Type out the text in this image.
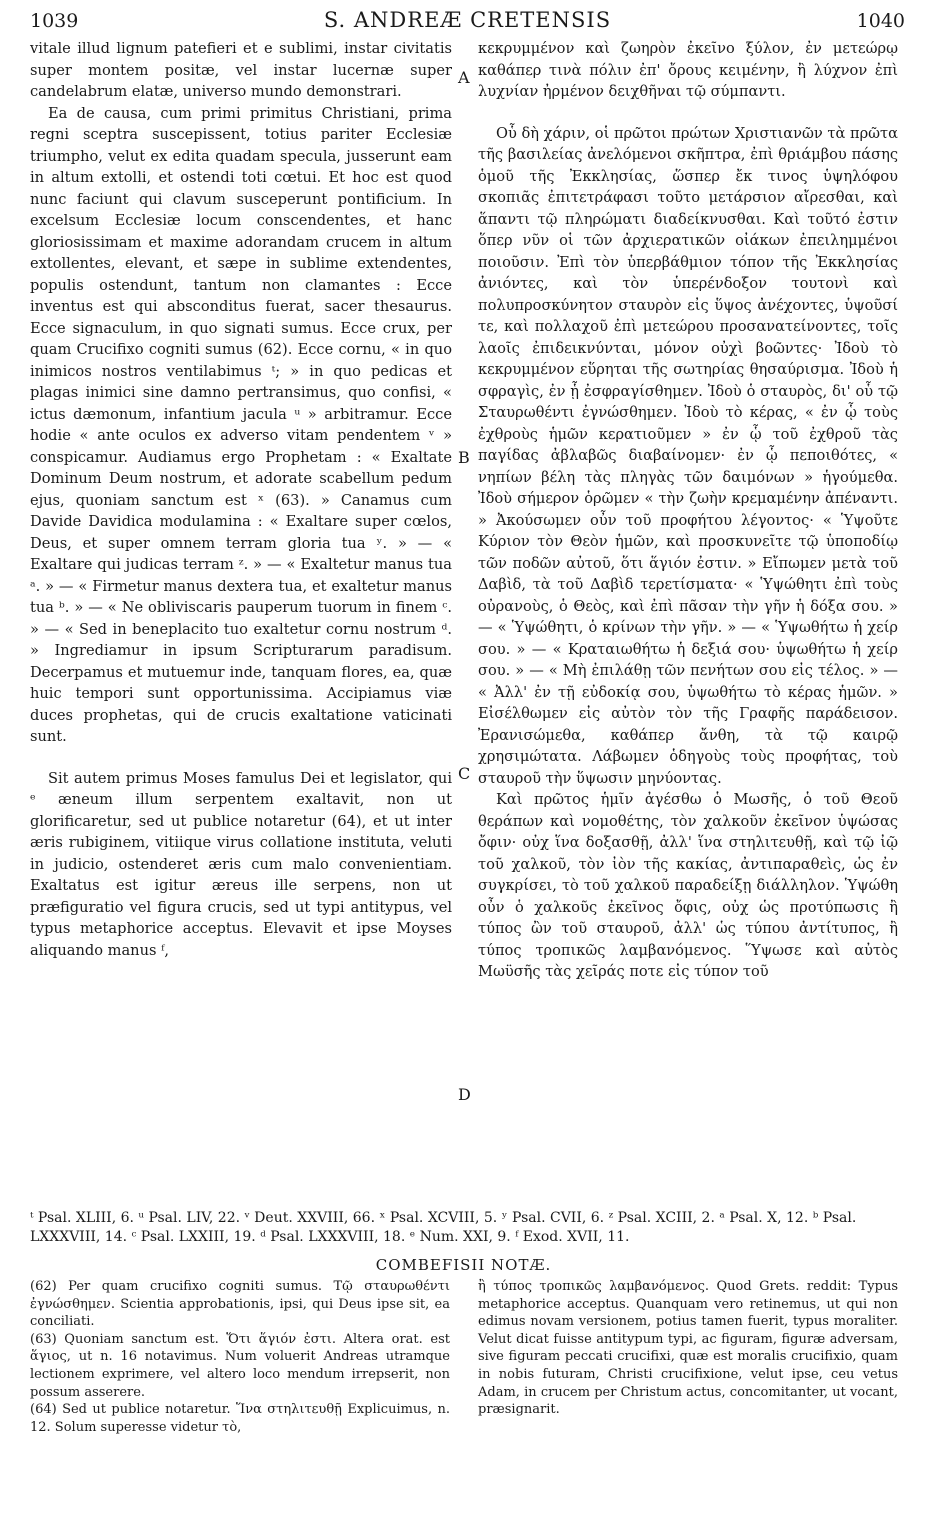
1039	S. ANDREÆ CRETENSIS	1040

vitale illud lignum patefieri et e sublimi, instar civitatis super montem positæ, vel instar lucernæ super candelabrum elatæ, universo mundo demonstrari.

Ea de causa, cum primi primitus Christiani, prima regni sceptra suscepissent, totius pariter Ecclesiæ triumpho, velut ex edita quadam specula, jusserunt eam in altum extolli, et ostendi toti cœtui. Et hoc est quod nunc faciunt qui clavum susceperunt pontificium. In excelsum Ecclesiæ locum conscendentes, et hanc gloriosissimam et maxime adorandam crucem in altum extollentes, elevant, et sæpe in sublime extendentes, populis ostendunt, tantum non clamantes : Ecce inventus est qui absconditus fuerat, sacer thesaurus. Ecce signaculum, in quo signati sumus. Ecce crux, per quam Crucifixo cogniti sumus (62). Ecce cornu, « in quo inimicos nostros ventilabimus ᵗ; » in quo pedicas et plagas inimici sine damno pertransimus, quo confisi, « ictus dæmonum, infantium jacula ᵘ » arbitramur. Ecce hodie « ante oculos ex adverso vitam pendentem ᵛ » conspicamur. Audiamus ergo Prophetam : « Exaltate Dominum Deum nostrum, et adorate scabellum pedum ejus, quoniam sanctum est ˣ (63). » Canamus cum Davide Davidica modulamina : « Exaltare super cœlos, Deus, et super omnem terram gloria tua ʸ. » — « Exaltare qui judicas terram ᶻ. » — « Exaltetur manus tua ᵃ. » — « Firmetur manus dextera tua, et exaltetur manus tua ᵇ. » — « Ne obliviscaris pauperum tuorum in finem ᶜ. » — « Sed in beneplacito tuo exaltetur cornu nostrum ᵈ. » Ingrediamur in ipsum Scripturarum paradisum. Decerpamus et mutuemur inde, tanquam flores, ea, quæ huic tempori sunt opportunissima. Accipiamus viæ duces prophetas, qui de crucis exaltatione vaticinati sunt.

Sit autem primus Moses famulus Dei et legislator, qui ᵉ æneum illum serpentem exaltavit, non ut glorificaretur, sed ut publice notaretur (64), et ut inter æris rubiginem, vitiique virus collatione instituta, veluti in judicio, ostenderet æris cum malo convenientiam. Exaltatus est igitur æreus ille serpens, non ut præfiguratio vel figura crucis, sed ut typi antitypus, vel typus metaphorice acceptus. Elevavit et ipse Moyses aliquando manus ᶠ,

A
B
C
D

κεκρυμμένον καὶ ζωηρὸν ἐκεῖνο ξύλον, ἐν μετεώρῳ καθάπερ τινὰ πόλιν ἐπ' ὄρους κειμένην, ἢ λύχνον ἐπὶ λυχνίαν ἠρμένον δειχθῆναι τῷ σύμπαντι.

Οὗ δὴ χάριν, οἱ πρῶτοι πρώτων Χριστιανῶν τὰ πρῶτα τῆς βασιλείας ἀνελόμενοι σκῆπτρα, ἐπὶ θριάμβου πάσης ὁμοῦ τῆς Ἐκκλησίας, ὥσπερ ἔκ τινος ὑψηλόφου σκοπιᾶς ἐπιτετράφασι τοῦτο μετάρσιον αἴρεσθαι, καὶ ἅπαντι τῷ πληρώματι διαδείκνυσθαι. Καὶ τοῦτό ἐστιν ὅπερ νῦν οἱ τῶν ἀρχιερατικῶν οἰάκων ἐπειλημμένοι ποιοῦσιν. Ἐπὶ τὸν ὑπερβάθμιον τόπον τῆς Ἐκκλησίας ἀνιόντες, καὶ τὸν ὑπερένδοξον τουτονὶ καὶ πολυπροσκύνητον σταυρὸν εἰς ὕψος ἀνέχοντες, ὑψοῦσί τε, καὶ πολλαχοῦ ἐπὶ μετεώρου προσανατείνοντες, τοῖς λαοῖς ἐπιδεικνύνται, μόνον οὐχὶ βοῶντες· Ἰδοὺ τὸ κεκρυμμένον εὕρηται τῆς σωτηρίας θησαύρισμα. Ἰδοὺ ἡ σφραγὶς, ἐν ᾗ ἐσφραγίσθημεν. Ἰδοὺ ὁ σταυρὸς, δι' οὗ τῷ Σταυρωθέντι ἐγνώσθημεν. Ἰδοὺ τὸ κέρας, « ἐν ᾧ τοὺς ἐχθροὺς ἡμῶν κερατιοῦμεν » ἐν ᾧ τοῦ ἐχθροῦ τὰς παγίδας ἀβλαβῶς διαβαίνομεν· ἐν ᾧ πεποιθότες, « νηπίων βέλη τὰς πληγὰς τῶν δαιμόνων » ἡγούμεθα. Ἰδοὺ σήμερον ὁρῶμεν « τὴν ζωὴν κρεμαμένην ἀπέναντι. » Ἀκούσωμεν οὖν τοῦ προφήτου λέγοντος· « Ὑψοῦτε Κύριον τὸν Θεὸν ἡμῶν, καὶ προσκυνεῖτε τῷ ὑποποδίῳ τῶν ποδῶν αὐτοῦ, ὅτι ἅγιόν ἐστιν. » Εἴπωμεν μετὰ τοῦ Δαβὶδ, τὰ τοῦ Δαβὶδ τερετίσματα· « Ὑψώθητι ἐπὶ τοὺς οὐρανοὺς, ὁ Θεὸς, καὶ ἐπὶ πᾶσαν τὴν γῆν ἡ δόξα σου. » — « Ὑψώθητι, ὁ κρίνων τὴν γῆν. » — « Ὑψωθήτω ἡ χείρ σου. » — « Κραταιωθήτω ἡ δεξιά σου· ὑψωθήτω ἡ χείρ σου. » — « Μὴ ἐπιλάθῃ τῶν πενήτων σου εἰς τέλος. » — « Ἀλλ' ἐν τῇ εὐδοκίᾳ σου, ὑψωθήτω τὸ κέρας ἡμῶν. » Εἰσέλθωμεν εἰς αὐτὸν τὸν τῆς Γραφῆς παράδεισον. Ἐρανισώμεθα, καθάπερ ἄνθη, τὰ τῷ καιρῷ χρησιμώτατα. Λάβωμεν ὁδηγοὺς τοὺς προφήτας, τοὺ σταυροῦ τὴν ὕψωσιν μηνύοντας.

Καὶ πρῶτος ἡμῖν ἀγέσθω ὁ Μωσῆς, ὁ τοῦ Θεοῦ θεράπων καὶ νομοθέτης, τὸν χαλκοῦν ἐκεῖνον ὑψώσας ὄφιν· οὐχ ἵνα δοξασθῇ, ἀλλ' ἵνα στηλιτευθῇ, καὶ τῷ ἰῷ τοῦ χαλκοῦ, τὸν ἰὸν τῆς κακίας, ἀντιπαραθεὶς, ὡς ἐν συγκρίσει, τὸ τοῦ χαλκοῦ παραδείξῃ διάλληλον. Ὑψώθη οὖν ὁ χαλκοῦς ἐκεῖνος ὄφις, οὐχ ὡς προτύπωσις ἢ τύπος ὢν τοῦ σταυροῦ, ἀλλ' ὡς τύπου ἀντίτυπος, ἢ τύπος τροπικῶς λαμβανόμενος. Ὕψωσε καὶ αὐτὸς Μωϋσῆς τὰς χεῖράς ποτε εἰς τύπον τοῦ

ᵗ Psal. XLIII, 6. ᵘ Psal. LIV, 22. ᵛ Deut. XXVIII, 66. ˣ Psal. XCVIII, 5. ʸ Psal. CVII, 6. ᶻ Psal. XCIII, 2. ᵃ Psal. X, 12. ᵇ Psal. LXXXVIII, 14. ᶜ Psal. LXXIII, 19. ᵈ Psal. LXXXVIII, 18. ᵉ Num. XXI, 9. ᶠ Exod. XVII, 11.
COMBEFISII NOTÆ.

(62) Per quam crucifixo cogniti sumus. Τῷ σταυρωθέντι ἐγνώσθημεν. Scientia approbationis, ipsi, qui Deus ipse sit, ea conciliati.

(63) Quoniam sanctum est. Ὅτι ἅγιόν ἐστι. Altera orat. est ἅγιος, ut n. 16 notavimus. Num voluerit Andreas utramque lectionem exprimere, vel altero loco mendum irrepserit, non possum asserere.

(64) Sed ut publice notaretur. Ἵνα στηλιτευθῇ Explicuimus, n. 12. Solum superesse videtur τὸ,

ἢ τύπος τροπικῶς λαμβανόμενος. Quod Grets. reddit: Typus metaphorice acceptus. Quanquam vero retinemus, ut qui non edimus novam versionem, potius tamen fuerit, typus moraliter. Velut dicat fuisse antitypum typi, ac figuram, figuræ adversam, sive figuram peccati crucifixi, quæ est moralis crucifixio, quam in nobis futuram, Christi crucifixione, velut ipse, ceu vetus Adam, in crucem per Christum actus, concomitanter, ut vocant, præsignarit.
